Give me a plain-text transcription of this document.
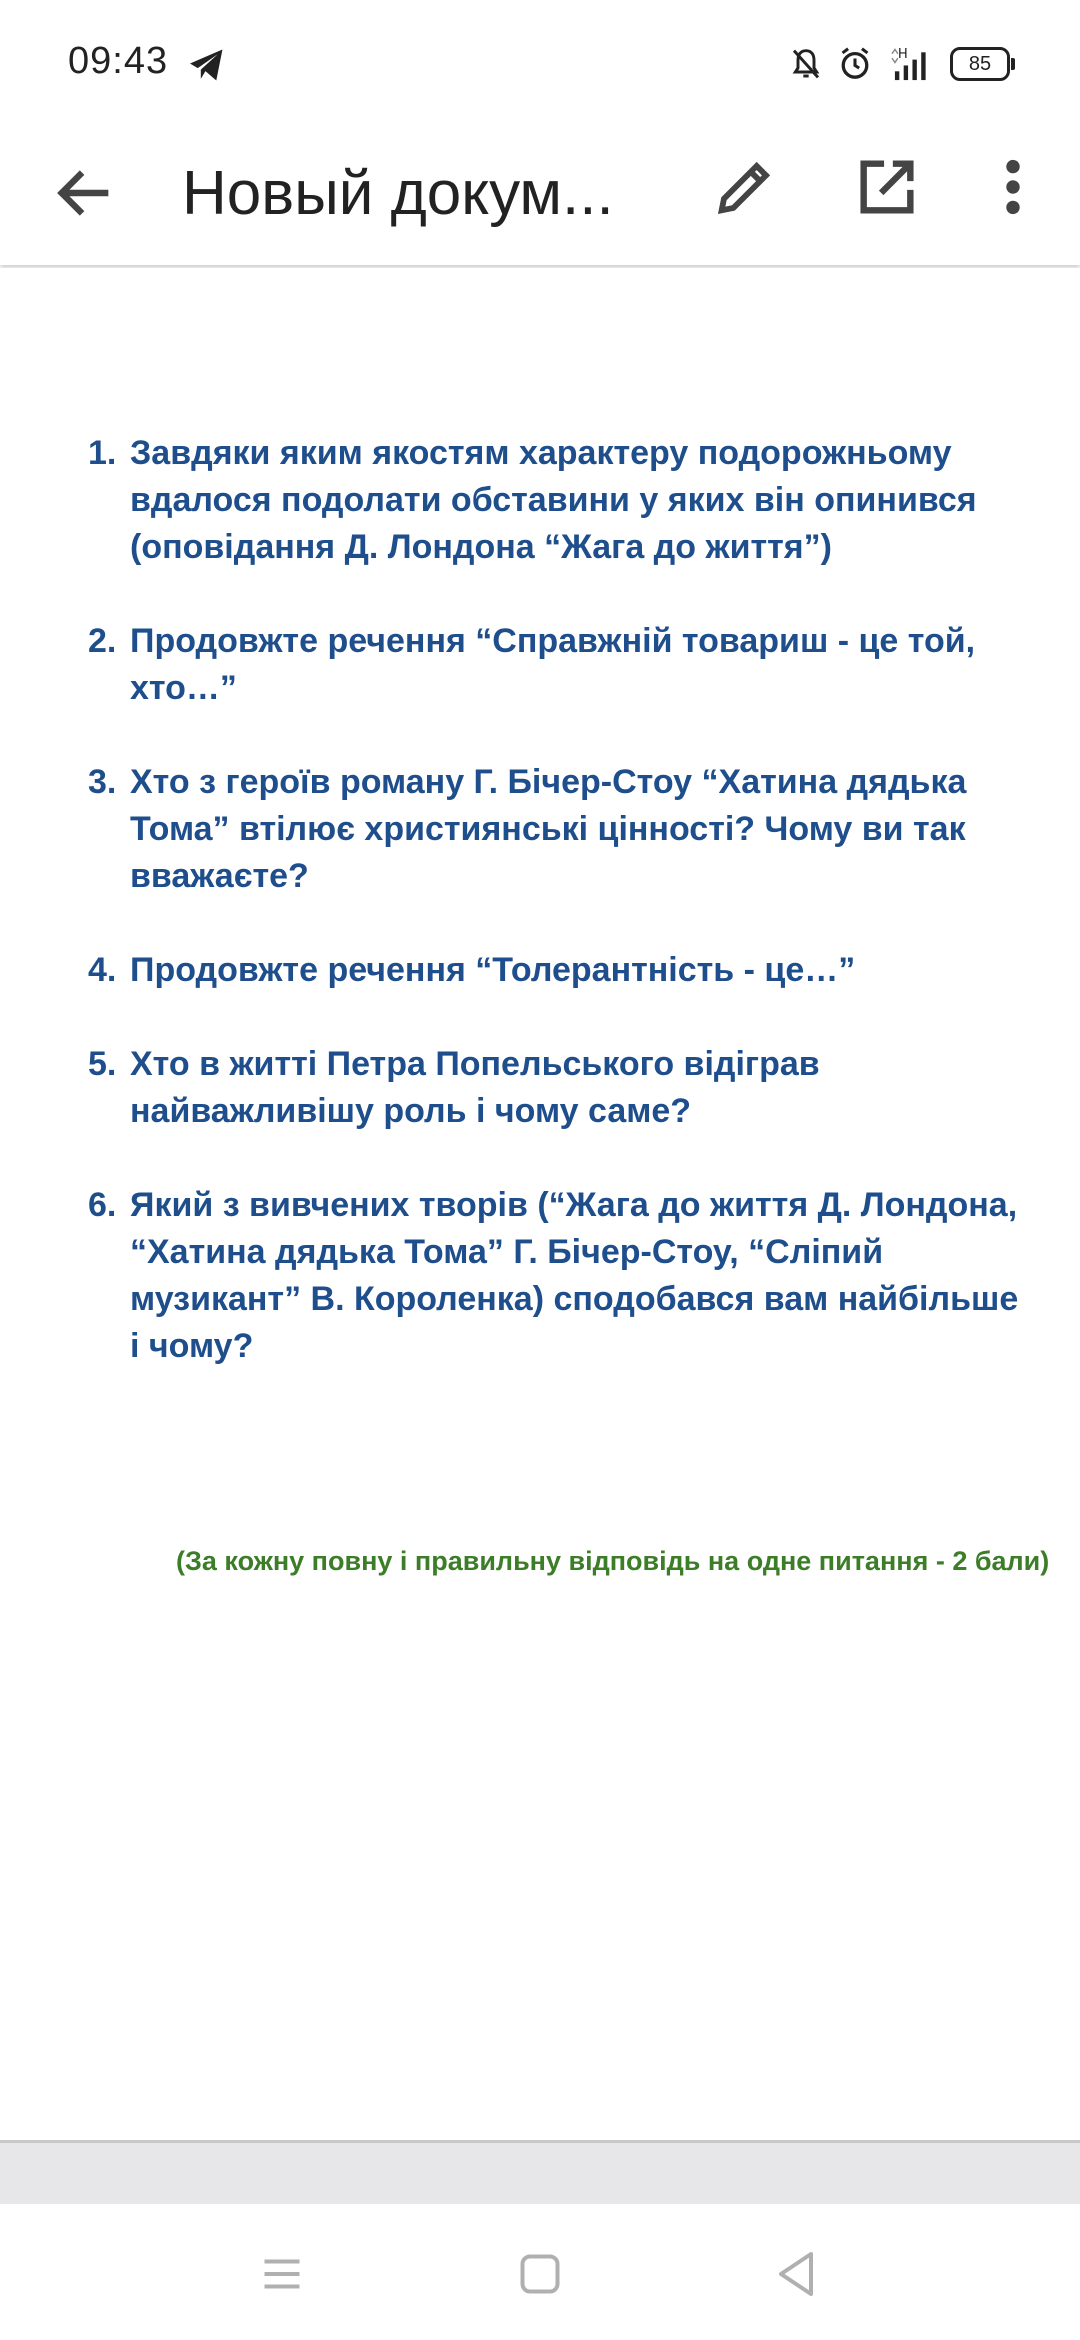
09:43	H	85
Новый докум...
1. Завдяки яким якостям характеру подорожньому вдалося подолати обставини у яких він опинився (оповідання Д. Лондона “Жага до життя”)
2. Продовжте речення “Справжній товариш - це той, хто…”
3. Хто з героїв роману Г. Бічер-Стоу “Хатина дядька Тома” втілює християнські цінності? Чому ви так вважаєте?
4. Продовжте речення “Толерантність - це…”
5. Хто в житті Петра Попельського відіграв найважливішу роль і чому саме?
6. Який з вивчених творів (“Жага до життя Д. Лондона, “Хатина дядька Тома” Г. Бічер-Стоу, “Сліпий музикант” В. Короленка) сподобався вам найбільше і чому?
(За кожну повну і правильну відповідь на одне питання - 2 бали)
